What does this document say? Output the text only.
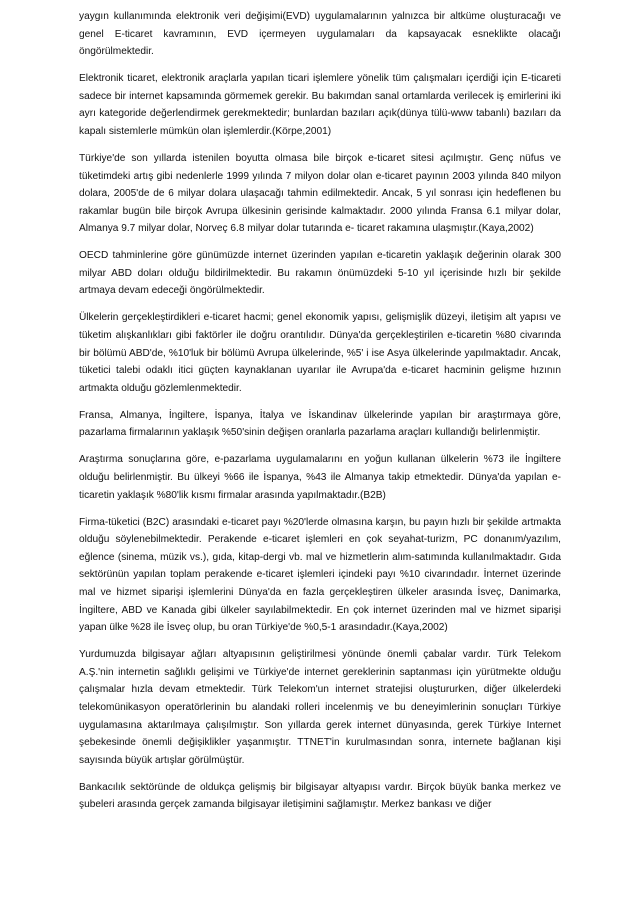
yaygın kullanımında elektronik veri değişimi(EVD) uygulamalarının yalnızca bir altküme oluşturacağı ve genel E-ticaret kavramının, EVD içermeyen uygulamaları da kapsayacak esneklikte olacağı öngörülmektedir.

Elektronik ticaret, elektronik araçlarla yapılan ticari işlemlere yönelik tüm çalışmaları içerdiği için E-ticareti sadece bir internet kapsamında görmemek gerekir. Bu bakımdan sanal ortamlarda verilecek iş emirlerini iki ayrı kategoride değerlendirmek gerekmektedir; bunlardan bazıları açık(dünya tülü-www tabanlı) bazıları da kapalı sistemlerle mümkün olan işlemlerdir.(Körpe,2001)

Türkiye'de son yıllarda istenilen boyutta olmasa bile birçok e-ticaret sitesi açılmıştır. Genç nüfus ve tüketimdeki artış gibi nedenlerle 1999 yılında 7 milyon dolar olan e-ticaret payının 2003 yılında 840 milyon dolara, 2005'de de 6 milyar dolara ulaşacağı tahmin edilmektedir. Ancak, 5 yıl sonrası için hedeflenen bu rakamlar bugün bile birçok Avrupa ülkesinin gerisinde kalmaktadır. 2000 yılında Fransa 6.1 milyar dolar, Almanya 9.7 milyar dolar, Norveç 6.8 milyar dolar tutarında e- ticaret rakamına ulaşmıştır.(Kaya,2002)

OECD tahminlerine göre günümüzde internet üzerinden yapılan e-ticaretin yaklaşık değerinin olarak 300 milyar ABD doları olduğu bildirilmektedir. Bu rakamın önümüzdeki 5-10 yıl içerisinde hızlı bir şekilde artmaya devam edeceği öngörülmektedir.

Ülkelerin gerçekleştirdikleri e-ticaret hacmi; genel ekonomik yapısı, gelişmişlik düzeyi, iletişim alt yapısı ve tüketim alışkanlıkları gibi faktörler ile doğru orantılıdır. Dünya'da gerçekleştirilen e-ticaretin %80 civarında bir bölümü ABD'de, %10'luk bir bölümü Avrupa ülkelerinde, %5' i ise Asya ülkelerinde yapılmaktadır. Ancak, tüketici talebi odaklı itici güçten kaynaklanan uyarılar ile Avrupa'da e-ticaret hacminin gelişme hızının artmakta olduğu gözlemlenmektedir.

Fransa, Almanya, İngiltere, İspanya, İtalya ve İskandinav ülkelerinde yapılan bir araştırmaya göre, pazarlama firmalarının yaklaşık %50'sinin değişen oranlarla pazarlama araçları kullandığı belirlenmiştir.

Araştırma sonuçlarına göre, e-pazarlama uygulamalarını en yoğun kullanan ülkelerin %73 ile İngiltere olduğu belirlenmiştir. Bu ülkeyi %66 ile İspanya, %43 ile Almanya takip etmektedir. Dünya'da yapılan e-ticaretin yaklaşık %80'lik kısmı firmalar arasında yapılmaktadır.(B2B)

Firma-tüketici (B2C) arasındaki e-ticaret payı %20'lerde olmasına karşın, bu payın hızlı bir şekilde artmakta olduğu söylenebilmektedir. Perakende e-ticaret işlemleri en çok seyahat-turizm, PC donanım/yazılım, eğlence (sinema, müzik vs.), gıda, kitap-dergi vb. mal ve hizmetlerin alım-satımında kullanılmaktadır. Gıda sektörünün yapılan toplam perakende e-ticaret işlemleri içindeki payı %10 civarındadır. İnternet üzerinde mal ve hizmet siparişi işlemlerini Dünya'da en fazla gerçekleştiren ülkeler arasında İsveç, Danimarka, İngiltere, ABD ve Kanada gibi ülkeler sayılabilmektedir. En çok internet üzerinden mal ve hizmet siparişi yapan ülke %28 ile İsveç olup, bu oran Türkiye'de %0,5-1 arasındadır.(Kaya,2002)

Yurdumuzda bilgisayar ağları altyapısının geliştirilmesi yönünde önemli çabalar vardır. Türk Telekom A.Ş.'nin internetin sağlıklı gelişimi ve Türkiye'de internet gereklerinin saptanması için yürütmekte olduğu çalışmalar hızla devam etmektedir. Türk Telekom'un internet stratejisi oluştururken, diğer ülkelerdeki telekomünikasyon operatörlerinin bu alandaki rolleri incelenmiş ve bu deneyimlerinin sonuçları Türkiye uygulamasına aktarılmaya çalışılmıştır. Son yıllarda gerek internet dünyasında, gerek Türkiye Internet şebekesinde önemli değişiklikler yaşanmıştır. TTNET'in kurulmasından sonra, internete bağlanan kişi sayısında büyük artışlar görülmüştür.

Bankacılık sektöründe de oldukça gelişmiş bir bilgisayar altyapısı vardır. Birçok büyük banka merkez ve şubeleri arasında gerçek zamanda bilgisayar iletişimini sağlamıştır. Merkez bankası ve diğer
